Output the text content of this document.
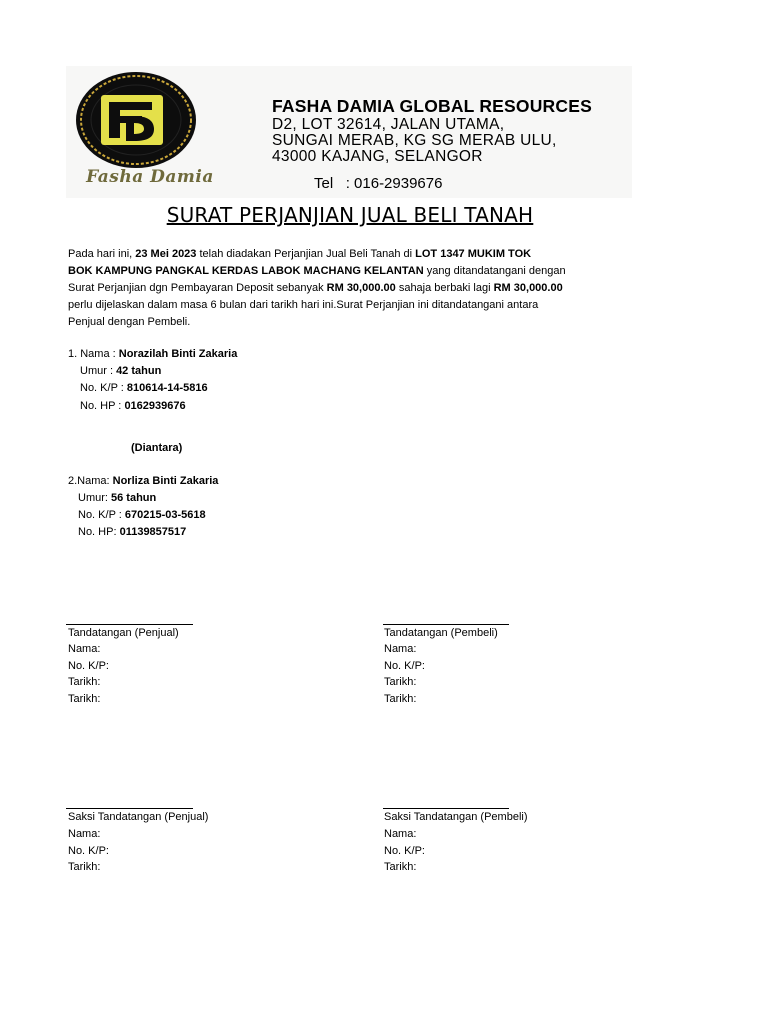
Fasha Damia
FASHA DAMIA GLOBAL RESOURCES
D2, LOT 32614, JALAN UTAMA,
SUNGAI MERAB, KG SG MERAB ULU,
43000 KAJANG, SELANGOR
Tel : 016-2939676
SURAT PERJANJIAN JUAL BELI TANAH
Pada hari ini, 23 Mei 2023 telah diadakan Perjanjian Jual Beli Tanah di LOT 1347 MUKIM TOK
BOK KAMPUNG PANGKAL KERDAS LABOK MACHANG KELANTAN yang ditandatangani dengan
Surat Perjanjian dgn Pembayaran Deposit sebanyak RM 30,000.00 sahaja berbaki lagi RM 30,000.00
perlu dijelaskan dalam masa 6 bulan dari tarikh hari ini.Surat Perjanjian ini ditandatangani antara
Penjual dengan Pembeli.
1. Nama : Norazilah Binti Zakaria
Umur : 42 tahun
No. K/P : 810614-14-5816
No. HP : 0162939676
(Diantara)
2.Nama: Norliza Binti Zakaria
Umur: 56 tahun
No. K/P : 670215-03-5618
No. HP: 01139857517
Tandatangan (Penjual)
Nama:
No. K/P:
Tarikh:
Tarikh:
Tandatangan (Pembeli)
Nama:
No. K/P:
Tarikh:
Tarikh:
Saksi Tandatangan (Penjual)
Nama:
No. K/P:
Tarikh:
Saksi Tandatangan (Pembeli)
Nama:
No. K/P:
Tarikh:
